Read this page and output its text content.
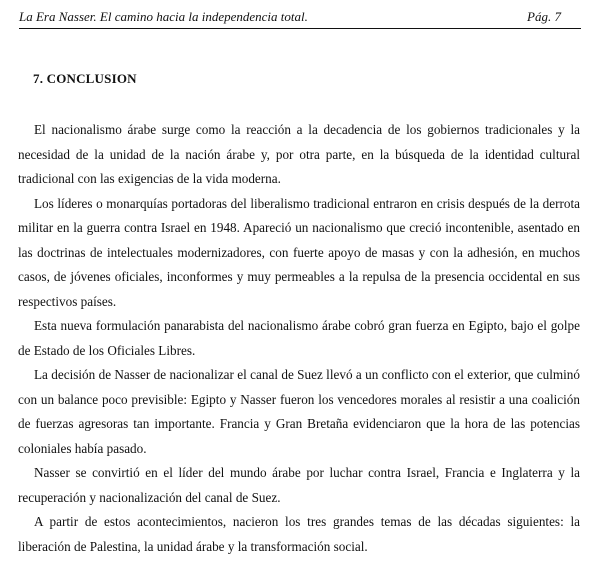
La Era Nasser. El camino hacia la independencia total.	Pág. 7
7. CONCLUSION

El nacionalismo árabe surge como la reacción a la decadencia de los gobiernos tradicionales y la necesidad de la unidad de la nación árabe y, por otra parte, en la búsqueda de la identidad cultural tradicional con las exigencias de la vida moderna.

Los líderes o monarquías portadoras del liberalismo tradicional entraron en crisis después de la derrota militar en la guerra contra Israel en 1948. Apareció un nacionalismo que creció incontenible, asentado en las doctrinas de intelectuales modernizadores, con fuerte apoyo de masas y con la adhesión, en muchos casos, de jóvenes oficiales, inconformes y muy permeables a la repulsa de la presencia occidental en sus respectivos países.

Esta nueva formulación panarabista del nacionalismo árabe cobró gran fuerza en Egipto, bajo el golpe de Estado de los Oficiales Libres.

La decisión de Nasser de nacionalizar el canal de Suez llevó a un conflicto con el exterior, que culminó con un balance poco previsible: Egipto y Nasser fueron los vencedores morales al resistir a una coalición de fuerzas agresoras tan importante. Francia y Gran Bretaña evidenciaron que la hora de las potencias coloniales había pasado.

Nasser se convirtió en el líder del mundo árabe por luchar contra Israel, Francia e Inglaterra y la recuperación y nacionalización del canal de Suez.

A partir de estos acontecimientos, nacieron los tres grandes temas de las décadas siguientes: la liberación de Palestina, la unidad árabe y la transformación social.
